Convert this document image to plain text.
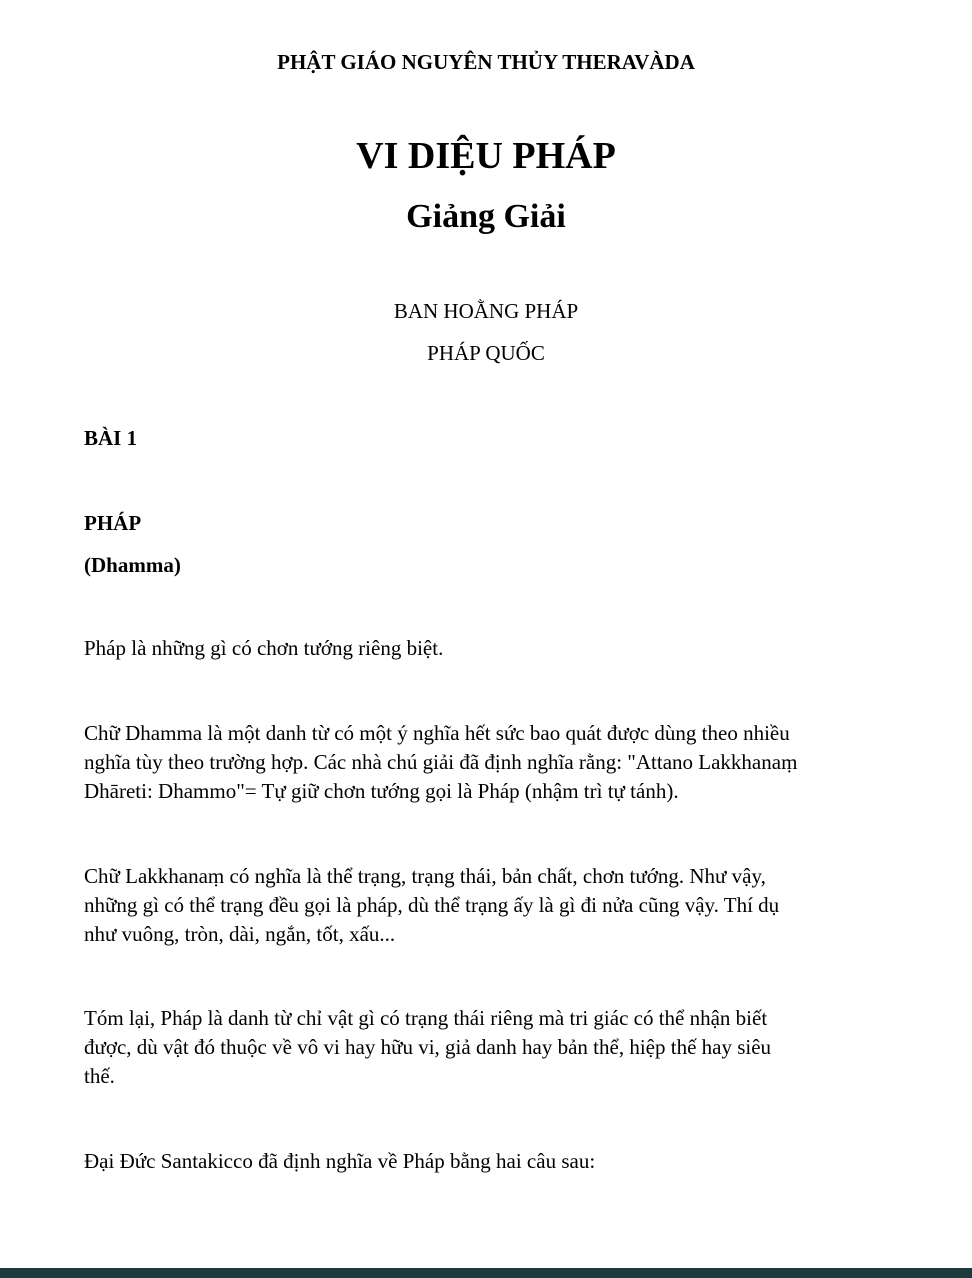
PHẬT GIÁO NGUYÊN THỦY THERAVÀDA
VI DIỆU PHÁP
Giảng Giải
BAN HOẰNG PHÁP
PHÁP QUỐC
BÀI 1
PHÁP
(Dhamma)
Pháp là những gì có chơn tướng riêng biệt.
Chữ Dhamma là một danh từ có một ý nghĩa hết sức bao quát được dùng theo nhiều
nghĩa tùy theo trường hợp. Các nhà chú giải đã định nghĩa rằng: "Attano Lakkhanaṃ
Dhāreti: Dhammo"= Tự giữ chơn tướng gọi là Pháp (nhậm trì tự tánh).
Chữ Lakkhanaṃ có nghĩa là thể trạng, trạng thái, bản chất, chơn tướng. Như vậy,
những gì có thể trạng đều gọi là pháp, dù thể trạng ấy là gì đi nửa cũng vậy. Thí dụ
như vuông, tròn, dài, ngắn, tốt, xấu...
Tóm lại, Pháp là danh từ chỉ vật gì có trạng thái riêng mà tri giác có thể nhận biết
được, dù vật đó thuộc về vô vi hay hữu vi, giả danh hay bản thể, hiệp thế hay siêu
thế.
Đại Đức Santakicco đã định nghĩa về Pháp bằng hai câu sau:
